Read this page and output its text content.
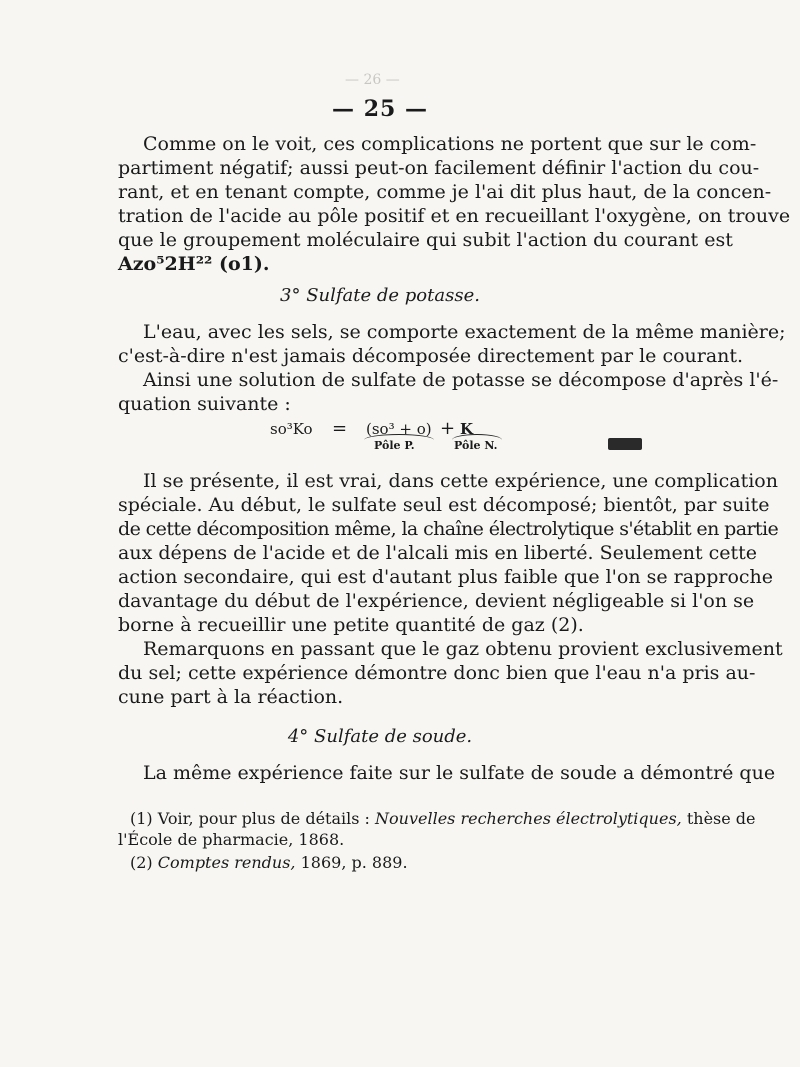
— 26 —
— 25 —
Comme on le voit, ces complications ne portent que sur le com-
partiment négatif; aussi peut-on facilement définir l'action du cou-
rant, et en tenant compte, comme je l'ai dit plus haut, de la concen-
tration de l'acide au pôle positif et en recueillant l'oxygène, on trouve
que le groupement moléculaire qui subit l'action du courant est
Azo⁵2H²² (o1).
3° Sulfate de potasse.
L'eau, avec les sels, se comporte exactement de la même manière;
c'est-à-dire n'est jamais décomposée directement par le courant.
Ainsi une solution de sulfate de potasse se décompose d'après l'é-
quation suivante :
so³Ko = (so³ + o) + K
Pôle P.	Pôle N.
Il se présente, il est vrai, dans cette expérience, une complication
spéciale. Au début, le sulfate seul est décomposé; bientôt, par suite
de cette décomposition même, la chaîne électrolytique s'établit en partie
aux dépens de l'acide et de l'alcali mis en liberté. Seulement cette
action secondaire, qui est d'autant plus faible que l'on se rapproche
davantage du début de l'expérience, devient négligeable si l'on se
borne à recueillir une petite quantité de gaz (2).
Remarquons en passant que le gaz obtenu provient exclusivement
du sel; cette expérience démontre donc bien que l'eau n'a pris au-
cune part à la réaction.
4° Sulfate de soude.
La même expérience faite sur le sulfate de soude a démontré que
(1) Voir, pour plus de détails : Nouvelles recherches électrolytiques, thèse de
l'École de pharmacie, 1868.
(2) Comptes rendus, 1869, p. 889.
